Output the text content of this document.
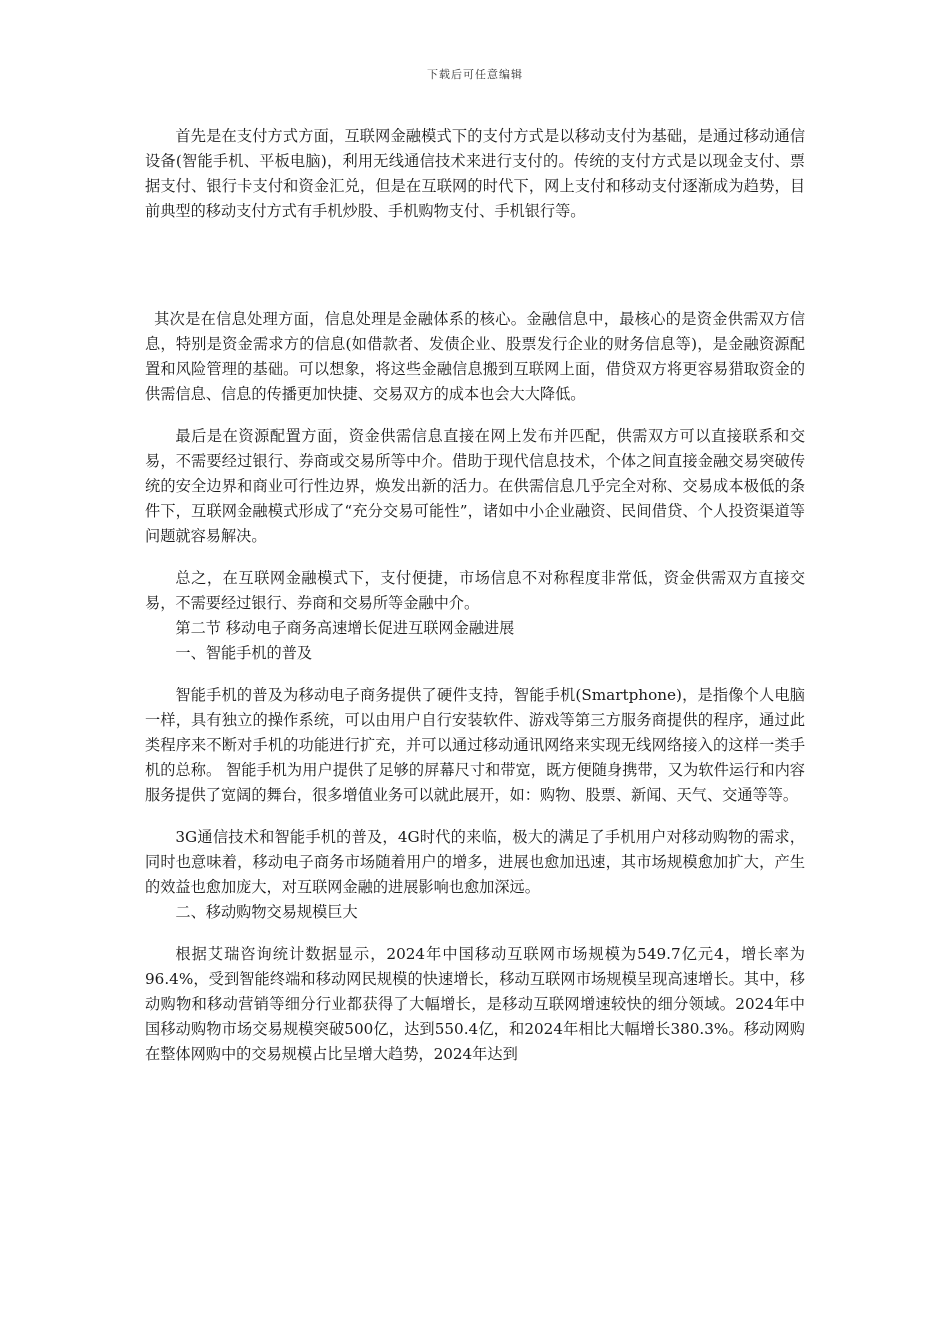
下载后可任意编辑

首先是在支付方式方面，互联网金融模式下的支付方式是以移动支付为基础，是通过移动通信设备(智能手机、平板电脑)，利用无线通信技术来进行支付的。传统的支付方式是以现金支付、票据支付、银行卡支付和资金汇兑，但是在互联网的时代下，网上支付和移动支付逐渐成为趋势，目前典型的移动支付方式有手机炒股、手机购物支付、手机银行等。

其次是在信息处理方面，信息处理是金融体系的核心。金融信息中，最核心的是资金供需双方信息，特别是资金需求方的信息(如借款者、发债企业、股票发行企业的财务信息等)，是金融资源配置和风险管理的基础。可以想象，将这些金融信息搬到互联网上面，借贷双方将更容易猎取资金的供需信息、信息的传播更加快捷、交易双方的成本也会大大降低。

最后是在资源配置方面，资金供需信息直接在网上发布并匹配，供需双方可以直接联系和交易，不需要经过银行、券商或交易所等中介。借助于现代信息技术，个体之间直接金融交易突破传统的安全边界和商业可行性边界，焕发出新的活力。在供需信息几乎完全对称、交易成本极低的条件下，互联网金融模式形成了“充分交易可能性”，诸如中小企业融资、民间借贷、个人投资渠道等问题就容易解决。

总之，在互联网金融模式下，支付便捷，市场信息不对称程度非常低，资金供需双方直接交易，不需要经过银行、券商和交易所等金融中介。

第二节 移动电子商务高速增长促进互联网金融进展

一、智能手机的普及

智能手机的普及为移动电子商务提供了硬件支持，智能手机(Smartphone)，是指像个人电脑一样，具有独立的操作系统，可以由用户自行安装软件、游戏等第三方服务商提供的程序，通过此类程序来不断对手机的功能进行扩充，并可以通过移动通讯网络来实现无线网络接入的这样一类手机的总称。 智能手机为用户提供了足够的屏幕尺寸和带宽，既方便随身携带，又为软件运行和内容服务提供了宽阔的舞台，很多增值业务可以就此展开，如：购物、股票、新闻、天气、交通等等。

3G通信技术和智能手机的普及，4G时代的来临，极大的满足了手机用户对移动购物的需求，同时也意味着，移动电子商务市场随着用户的增多，进展也愈加迅速，其市场规模愈加扩大，产生的效益也愈加庞大，对互联网金融的进展影响也愈加深远。

二、移动购物交易规模巨大

根据艾瑞咨询统计数据显示，2024年中国移动互联网市场规模为549.7亿元4，增长率为96.4%，受到智能终端和移动网民规模的快速增长，移动互联网市场规模呈现高速增长。其中，移动购物和移动营销等细分行业都获得了大幅增长，是移动互联网增速较快的细分领域。2024年中国移动购物市场交易规模突破500亿，达到550.4亿，和2024年相比大幅增长380.3%。移动网购在整体网购中的交易规模占比呈增大趋势，2024年达到
